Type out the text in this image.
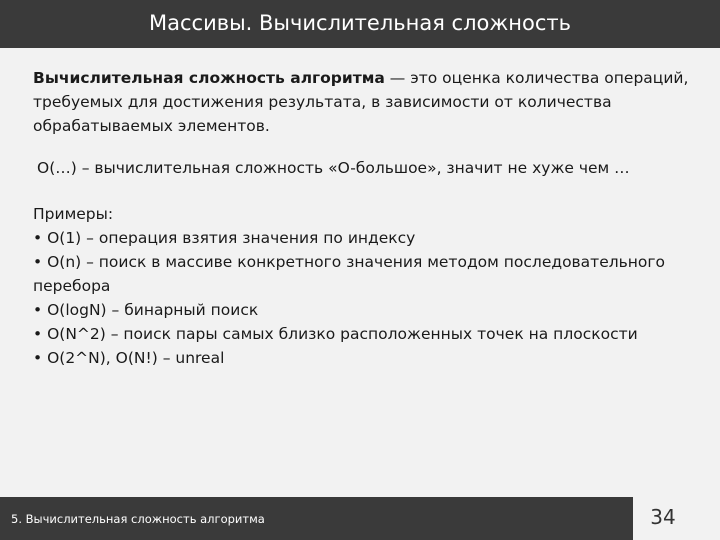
Массивы. Вычислительная сложность

Вычислительная сложность алгоритма — это оценка количества операций, требуемых для достижения результата, в зависимости от количества обрабатываемых элементов.

O(…) – вычислительная сложность «O-большое», значит не хуже чем …

Примеры:
• O(1) – операция взятия значения по индексу
• O(n) – поиск в массиве конкретного значения методом последовательного перебора
• O(logN) – бинарный поиск
• O(N^2) – поиск пары самых близко расположенных точек на плоскости
• O(2^N), O(N!) – unreal
5. Вычислительная сложность алгоритма	34
